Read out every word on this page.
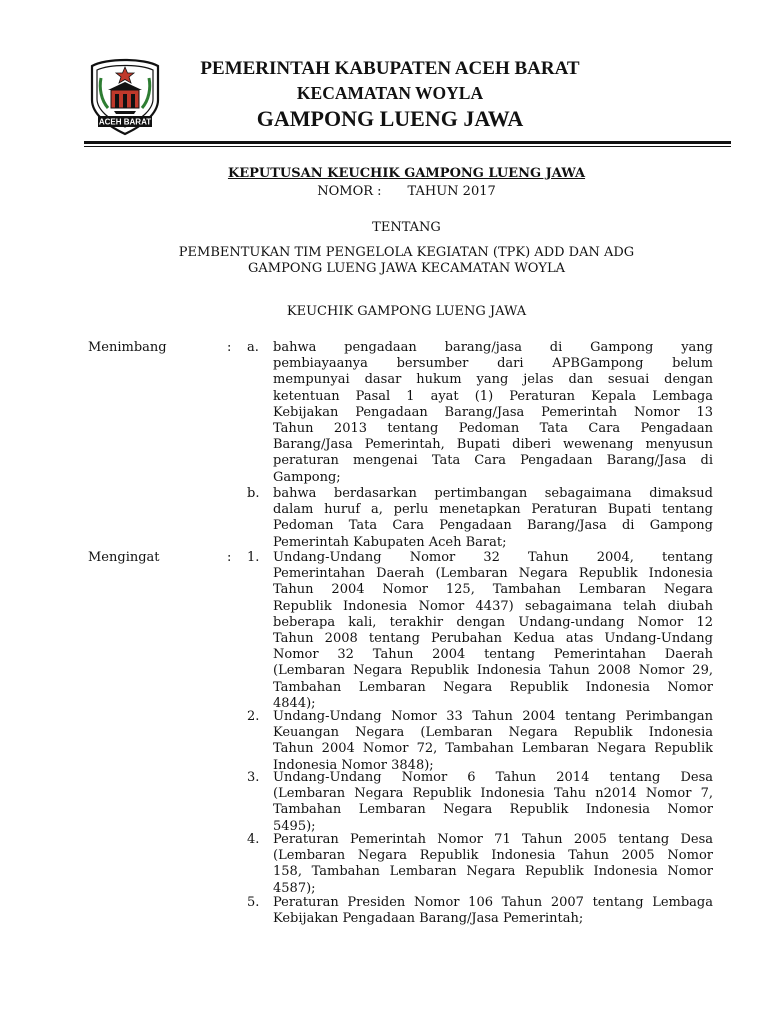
ACEH BARAT
PEMERINTAH KABUPATEN ACEH BARAT
KECAMATAN WOYLA
GAMPONG LUENG JAWA
KEPUTUSAN KEUCHIK GAMPONG LUENG JAWA
NOMOR : TAHUN 2017
TENTANG
PEMBENTUKAN TIM PENGELOLA KEGIATAN (TPK) ADD DAN ADG
GAMPONG LUENG JAWA KECAMATAN WOYLA
KEUCHIK GAMPONG LUENG JAWA
Menimbang	: a.	bahwa pengadaan barang/jasa di Gampong yang
pembiayaanya bersumber dari APBGampong belum
mempunyai dasar hukum yang jelas dan sesuai dengan
ketentuan Pasal 1 ayat (1) Peraturan Kepala Lembaga
Kebijakan Pengadaan Barang/Jasa Pemerintah Nomor 13
Tahun 2013 tentang Pedoman Tata Cara Pengadaan
Barang/Jasa Pemerintah, Bupati diberi wewenang menyusun
peraturan mengenai Tata Cara Pengadaan Barang/Jasa di
Gampong;
b.	bahwa berdasarkan pertimbangan sebagaimana dimaksud
dalam huruf a, perlu menetapkan Peraturan Bupati tentang
Pedoman Tata Cara Pengadaan Barang/Jasa di Gampong
Pemerintah Kabupaten Aceh Barat;
Mengingat	: 1.	Undang-Undang Nomor 32 Tahun 2004, tentang
Pemerintahan Daerah (Lembaran Negara Republik Indonesia
Tahun 2004 Nomor 125, Tambahan Lembaran Negara
Republik Indonesia Nomor 4437) sebagaimana telah diubah
beberapa kali, terakhir dengan Undang-undang Nomor 12
Tahun 2008 tentang Perubahan Kedua atas Undang-Undang
Nomor 32 Tahun 2004 tentang Pemerintahan Daerah
(Lembaran Negara Republik Indonesia Tahun 2008 Nomor 29,
Tambahan Lembaran Negara Republik Indonesia Nomor
4844);
2.	Undang-Undang Nomor 33 Tahun 2004 tentang Perimbangan
Keuangan Negara (Lembaran Negara Republik Indonesia
Tahun 2004 Nomor 72, Tambahan Lembaran Negara Republik
Indonesia Nomor 3848);
3.	Undang-Undang Nomor 6 Tahun 2014 tentang Desa
(Lembaran Negara Republik Indonesia Tahu n2014 Nomor 7,
Tambahan Lembaran Negara Republik Indonesia Nomor
5495);
4.	Peraturan Pemerintah Nomor 71 Tahun 2005 tentang Desa
(Lembaran Negara Republik Indonesia Tahun 2005 Nomor
158, Tambahan Lembaran Negara Republik Indonesia Nomor
4587);
5.	Peraturan Presiden Nomor 106 Tahun 2007 tentang Lembaga
Kebijakan Pengadaan Barang/Jasa Pemerintah;
